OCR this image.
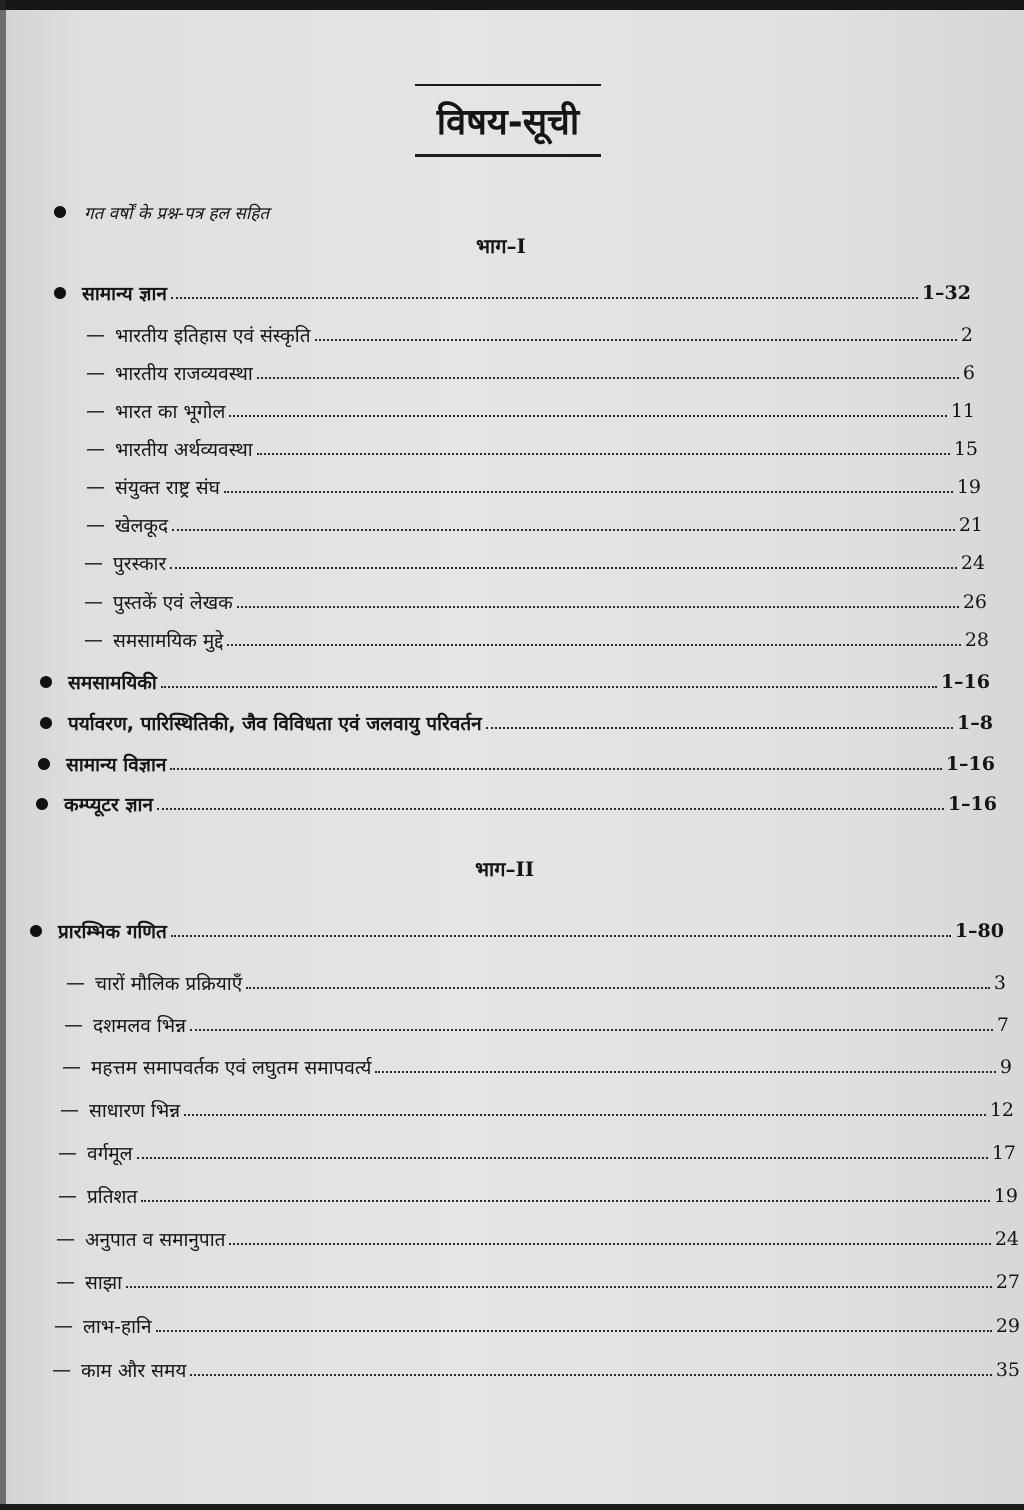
विषय-सूची
गत वर्षों के प्रश्न-पत्र हल सहित
भाग–I
सामान्य ज्ञान	1–32
— भारतीय इतिहास एवं संस्कृति	2
— भारतीय राजव्यवस्था	6
— भारत का भूगोल	11
— भारतीय अर्थव्यवस्था	15
— संयुक्त राष्ट्र संघ	19
— खेलकूद	21
— पुरस्कार	24
— पुस्तकें एवं लेखक	26
— समसामयिक मुद्दे	28
समसामयिकी	1–16
पर्यावरण, पारिस्थितिकी, जैव विविधता एवं जलवायु परिवर्तन	1–8
सामान्य विज्ञान	1–16
कम्प्यूटर ज्ञान	1–16
भाग–II
प्रारम्भिक गणित	1–80
— चारों मौलिक प्रक्रियाएँ	3
— दशमलव भिन्न	7
— महत्तम समापवर्तक एवं लघुतम समापवर्त्य	9
— साधारण भिन्न	12
— वर्गमूल	17
— प्रतिशत	19
— अनुपात व समानुपात	24
— साझा	27
— लाभ-हानि	29
— काम और समय	35
